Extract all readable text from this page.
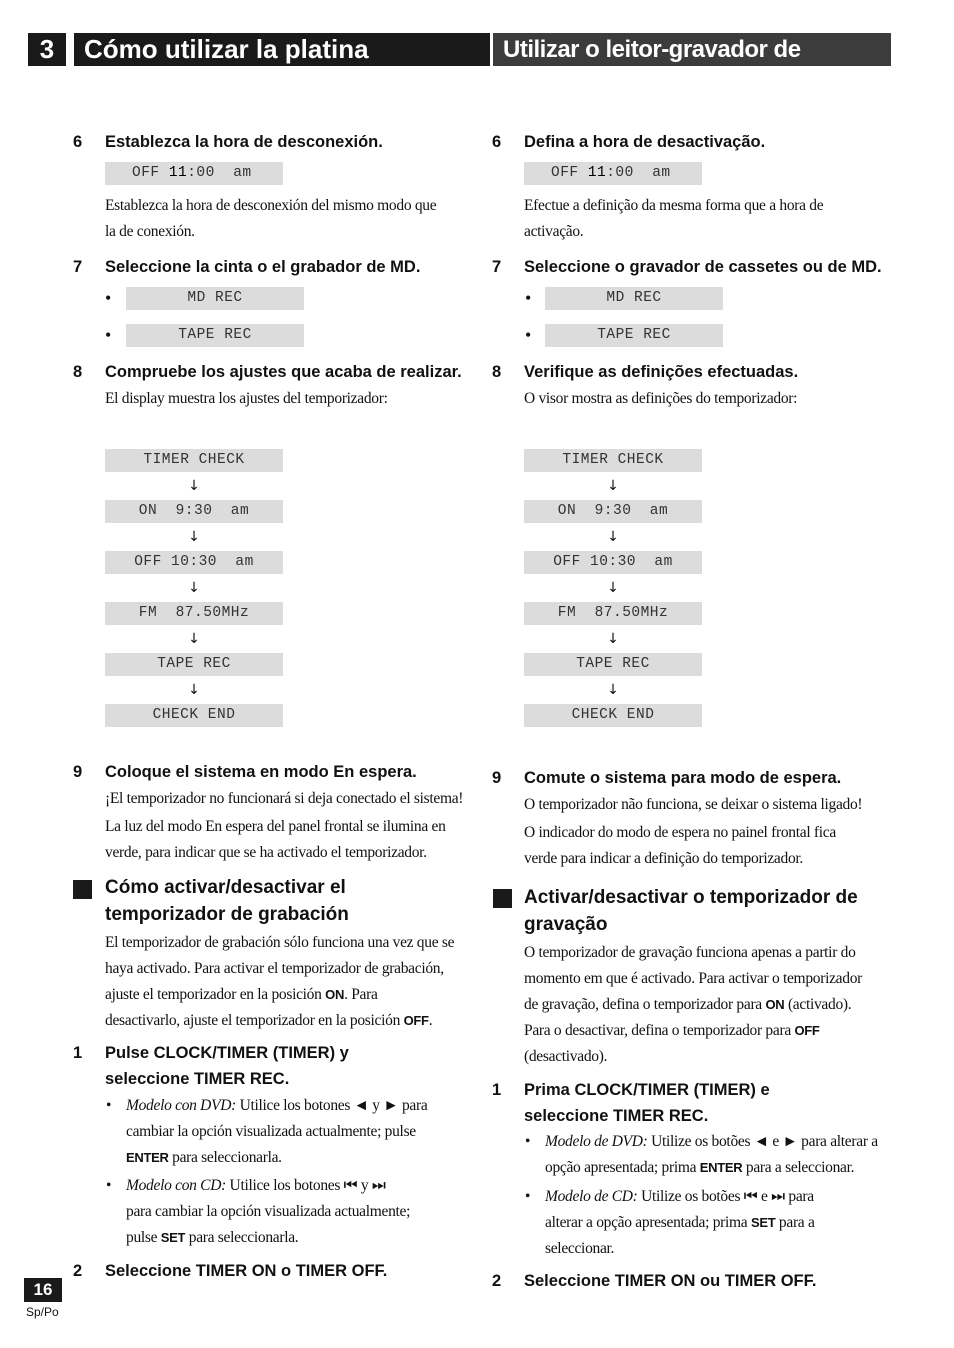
3	Cómo utilizar la platina	Utilizar o leitor-gravador de cassetes
6 Establezca la hora de desconexión.
OFF 11:00  am
Establezca la hora de desconexión del mismo modo que
la de conexión.
7 Seleccione la cinta o el grabador de MD.
•	MD REC
•	TAPE REC
8 Compruebe los ajustes que acaba de realizar.
El display muestra los ajustes del temporizador:
TIMER CHECK
↓
ON  9:30  am
↓
OFF 10:30  am
↓
FM  87.50MHz
↓
TAPE REC
↓
CHECK END
9 Coloque el sistema en modo En espera.
¡El temporizador no funcionará si deja conectado el sistema!
La luz del modo En espera del panel frontal se ilumina en
verde, para indicar que se ha activado el temporizador.
Cómo activar/desactivar el
temporizador de grabación
El temporizador de grabación sólo funciona una vez que se
haya activado. Para activar el temporizador de grabación,
ajuste el temporizador en la posición ON. Para
desactivarlo, ajuste el temporizador en la posición OFF.
1 Pulse CLOCK/TIMER (TIMER) y
seleccione TIMER REC.
• Modelo con DVD: Utilice los botones ◄ y ► para
cambiar la opción visualizada actualmente; pulse
ENTER para seleccionarla.
• Modelo con CD: Utilice los botones ⏮ y ⏭
para cambiar la opción visualizada actualmente;
pulse SET para seleccionarla.
2 Seleccione TIMER ON o TIMER OFF.
6 Defina a hora de desactivação.
OFF 11:00  am
Efectue a definição da mesma forma que a hora de
activação.
7 Seleccione o gravador de cassetes ou de MD.
•	MD REC
•	TAPE REC
8 Verifique as definições efectuadas.
O visor mostra as definições do temporizador:
TIMER CHECK
↓
ON  9:30  am
↓
OFF 10:30  am
↓
FM  87.50MHz
↓
TAPE REC
↓
CHECK END
9 Comute o sistema para modo de espera.
O temporizador não funciona, se deixar o sistema ligado!
O indicador do modo de espera no painel frontal fica
verde para indicar a definição do temporizador.
Activar/desactivar o temporizador de
gravação
O temporizador de gravação funciona apenas a partir do
momento em que é activado. Para activar o temporizador
de gravação, defina o temporizador para ON (activado).
Para o desactivar, defina o temporizador para OFF
(desactivado).
1 Prima CLOCK/TIMER (TIMER) e
seleccione TIMER REC.
• Modelo de DVD: Utilize os botões ◄ e ► para alterar a
opção apresentada; prima ENTER para a seleccionar.
• Modelo de CD: Utilize os botões ⏮ e ⏭ para
alterar a opção apresentada; prima SET para a
seleccionar.
2 Seleccione TIMER ON ou TIMER OFF.
16
Sp/Po
